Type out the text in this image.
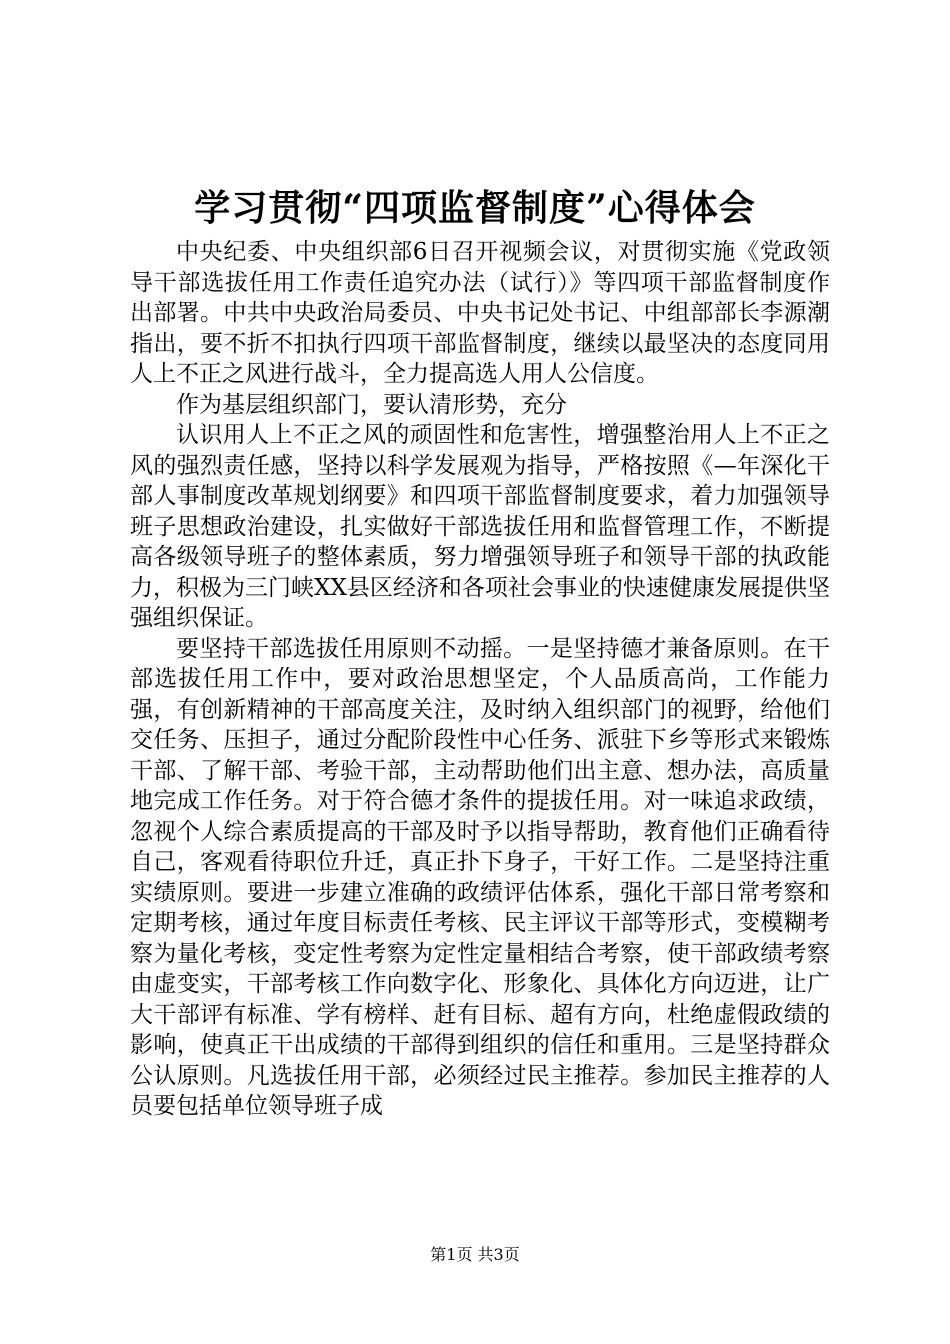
学习贯彻“四项监督制度”心得体会

中央纪委、中央组织部6日召开视频会议，对贯彻实施《党政领导干部选拔任用工作责任追究办法（试行）》等四项干部监督制度作出部署。中共中央政治局委员、中央书记处书记、中组部部长李源潮指出，要不折不扣执行四项干部监督制度，继续以最坚决的态度同用人上不正之风进行战斗，全力提高选人用人公信度。

作为基层组织部门，要认清形势，充分

认识用人上不正之风的顽固性和危害性，增强整治用人上不正之风的强烈责任感，坚持以科学发展观为指导，严格按照《—年深化干部人事制度改革规划纲要》和四项干部监督制度要求，着力加强领导班子思想政治建设，扎实做好干部选拔任用和监督管理工作，不断提高各级领导班子的整体素质，努力增强领导班子和领导干部的执政能力，积极为三门峡XX县区经济和各项社会事业的快速健康发展提供坚强组织保证。

要坚持干部选拔任用原则不动摇。一是坚持德才兼备原则。在干部选拔任用工作中，要对政治思想坚定，个人品质高尚，工作能力强，有创新精神的干部高度关注，及时纳入组织部门的视野，给他们交任务、压担子，通过分配阶段性中心任务、派驻下乡等形式来锻炼干部、了解干部、考验干部，主动帮助他们出主意、想办法，高质量地完成工作任务。对于符合德才条件的提拔任用。对一味追求政绩，忽视个人综合素质提高的干部及时予以指导帮助，教育他们正确看待自己，客观看待职位升迁，真正扑下身子，干好工作。二是坚持注重实绩原则。要进一步建立准确的政绩评估体系，强化干部日常考察和定期考核，通过年度目标责任考核、民主评议干部等形式，变模糊考察为量化考核，变定性考察为定性定量相结合考察，使干部政绩考察由虚变实，干部考核工作向数字化、形象化、具体化方向迈进，让广大干部评有标准、学有榜样、赶有目标、超有方向，杜绝虚假政绩的影响，使真正干出成绩的干部得到组织的信任和重用。三是坚持群众公认原则。凡选拔任用干部，必须经过民主推荐。参加民主推荐的人员要包括单位领导班子成

第1页 共3页
